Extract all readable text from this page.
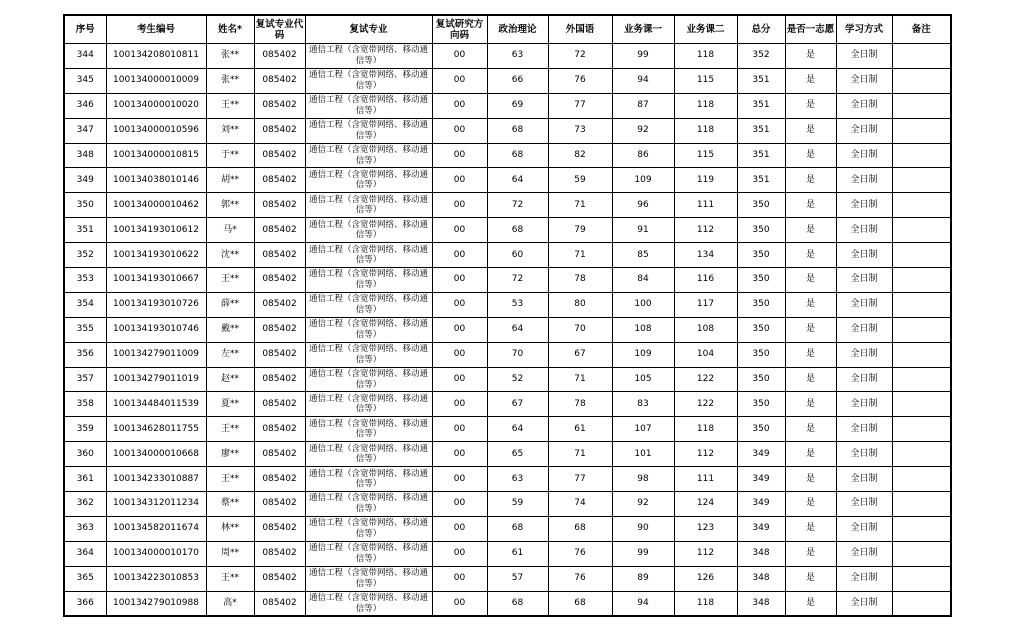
序号	考生编号	姓名*	复试专业代码	复试专业	复试研究方向码	政治理论	外国语	业务课一	业务课二	总分	是否一志愿	学习方式	备注
344	100134208010811	张**	085402	通信工程（含宽带网络、移动通信等）	00	63	72	99	118	352	是	全日制	
345	100134000010009	张**	085402	通信工程（含宽带网络、移动通信等）	00	66	76	94	115	351	是	全日制	
346	100134000010020	王**	085402	通信工程（含宽带网络、移动通信等）	00	69	77	87	118	351	是	全日制	
347	100134000010596	刘**	085402	通信工程（含宽带网络、移动通信等）	00	68	73	92	118	351	是	全日制	
348	100134000010815	于**	085402	通信工程（含宽带网络、移动通信等）	00	68	82	86	115	351	是	全日制	
349	100134038010146	胡**	085402	通信工程（含宽带网络、移动通信等）	00	64	59	109	119	351	是	全日制	
350	100134000010462	郭**	085402	通信工程（含宽带网络、移动通信等）	00	72	71	96	111	350	是	全日制	
351	100134193010612	马*	085402	通信工程（含宽带网络、移动通信等）	00	68	79	91	112	350	是	全日制	
352	100134193010622	沈**	085402	通信工程（含宽带网络、移动通信等）	00	60	71	85	134	350	是	全日制	
353	100134193010667	王**	085402	通信工程（含宽带网络、移动通信等）	00	72	78	84	116	350	是	全日制	
354	100134193010726	薛**	085402	通信工程（含宽带网络、移动通信等）	00	53	80	100	117	350	是	全日制	
355	100134193010746	戴**	085402	通信工程（含宽带网络、移动通信等）	00	64	70	108	108	350	是	全日制	
356	100134279011009	左**	085402	通信工程（含宽带网络、移动通信等）	00	70	67	109	104	350	是	全日制	
357	100134279011019	赵**	085402	通信工程（含宽带网络、移动通信等）	00	52	71	105	122	350	是	全日制	
358	100134484011539	夏**	085402	通信工程（含宽带网络、移动通信等）	00	67	78	83	122	350	是	全日制	
359	100134628011755	王**	085402	通信工程（含宽带网络、移动通信等）	00	64	61	107	118	350	是	全日制	
360	100134000010668	廖**	085402	通信工程（含宽带网络、移动通信等）	00	65	71	101	112	349	是	全日制	
361	100134233010887	王**	085402	通信工程（含宽带网络、移动通信等）	00	63	77	98	111	349	是	全日制	
362	100134312011234	蔡**	085402	通信工程（含宽带网络、移动通信等）	00	59	74	92	124	349	是	全日制	
363	100134582011674	林**	085402	通信工程（含宽带网络、移动通信等）	00	68	68	90	123	349	是	全日制	
364	100134000010170	周**	085402	通信工程（含宽带网络、移动通信等）	00	61	76	99	112	348	是	全日制	
365	100134223010853	王**	085402	通信工程（含宽带网络、移动通信等）	00	57	76	89	126	348	是	全日制	
366	100134279010988	高*	085402	通信工程（含宽带网络、移动通信等）	00	68	68	94	118	348	是	全日制	
